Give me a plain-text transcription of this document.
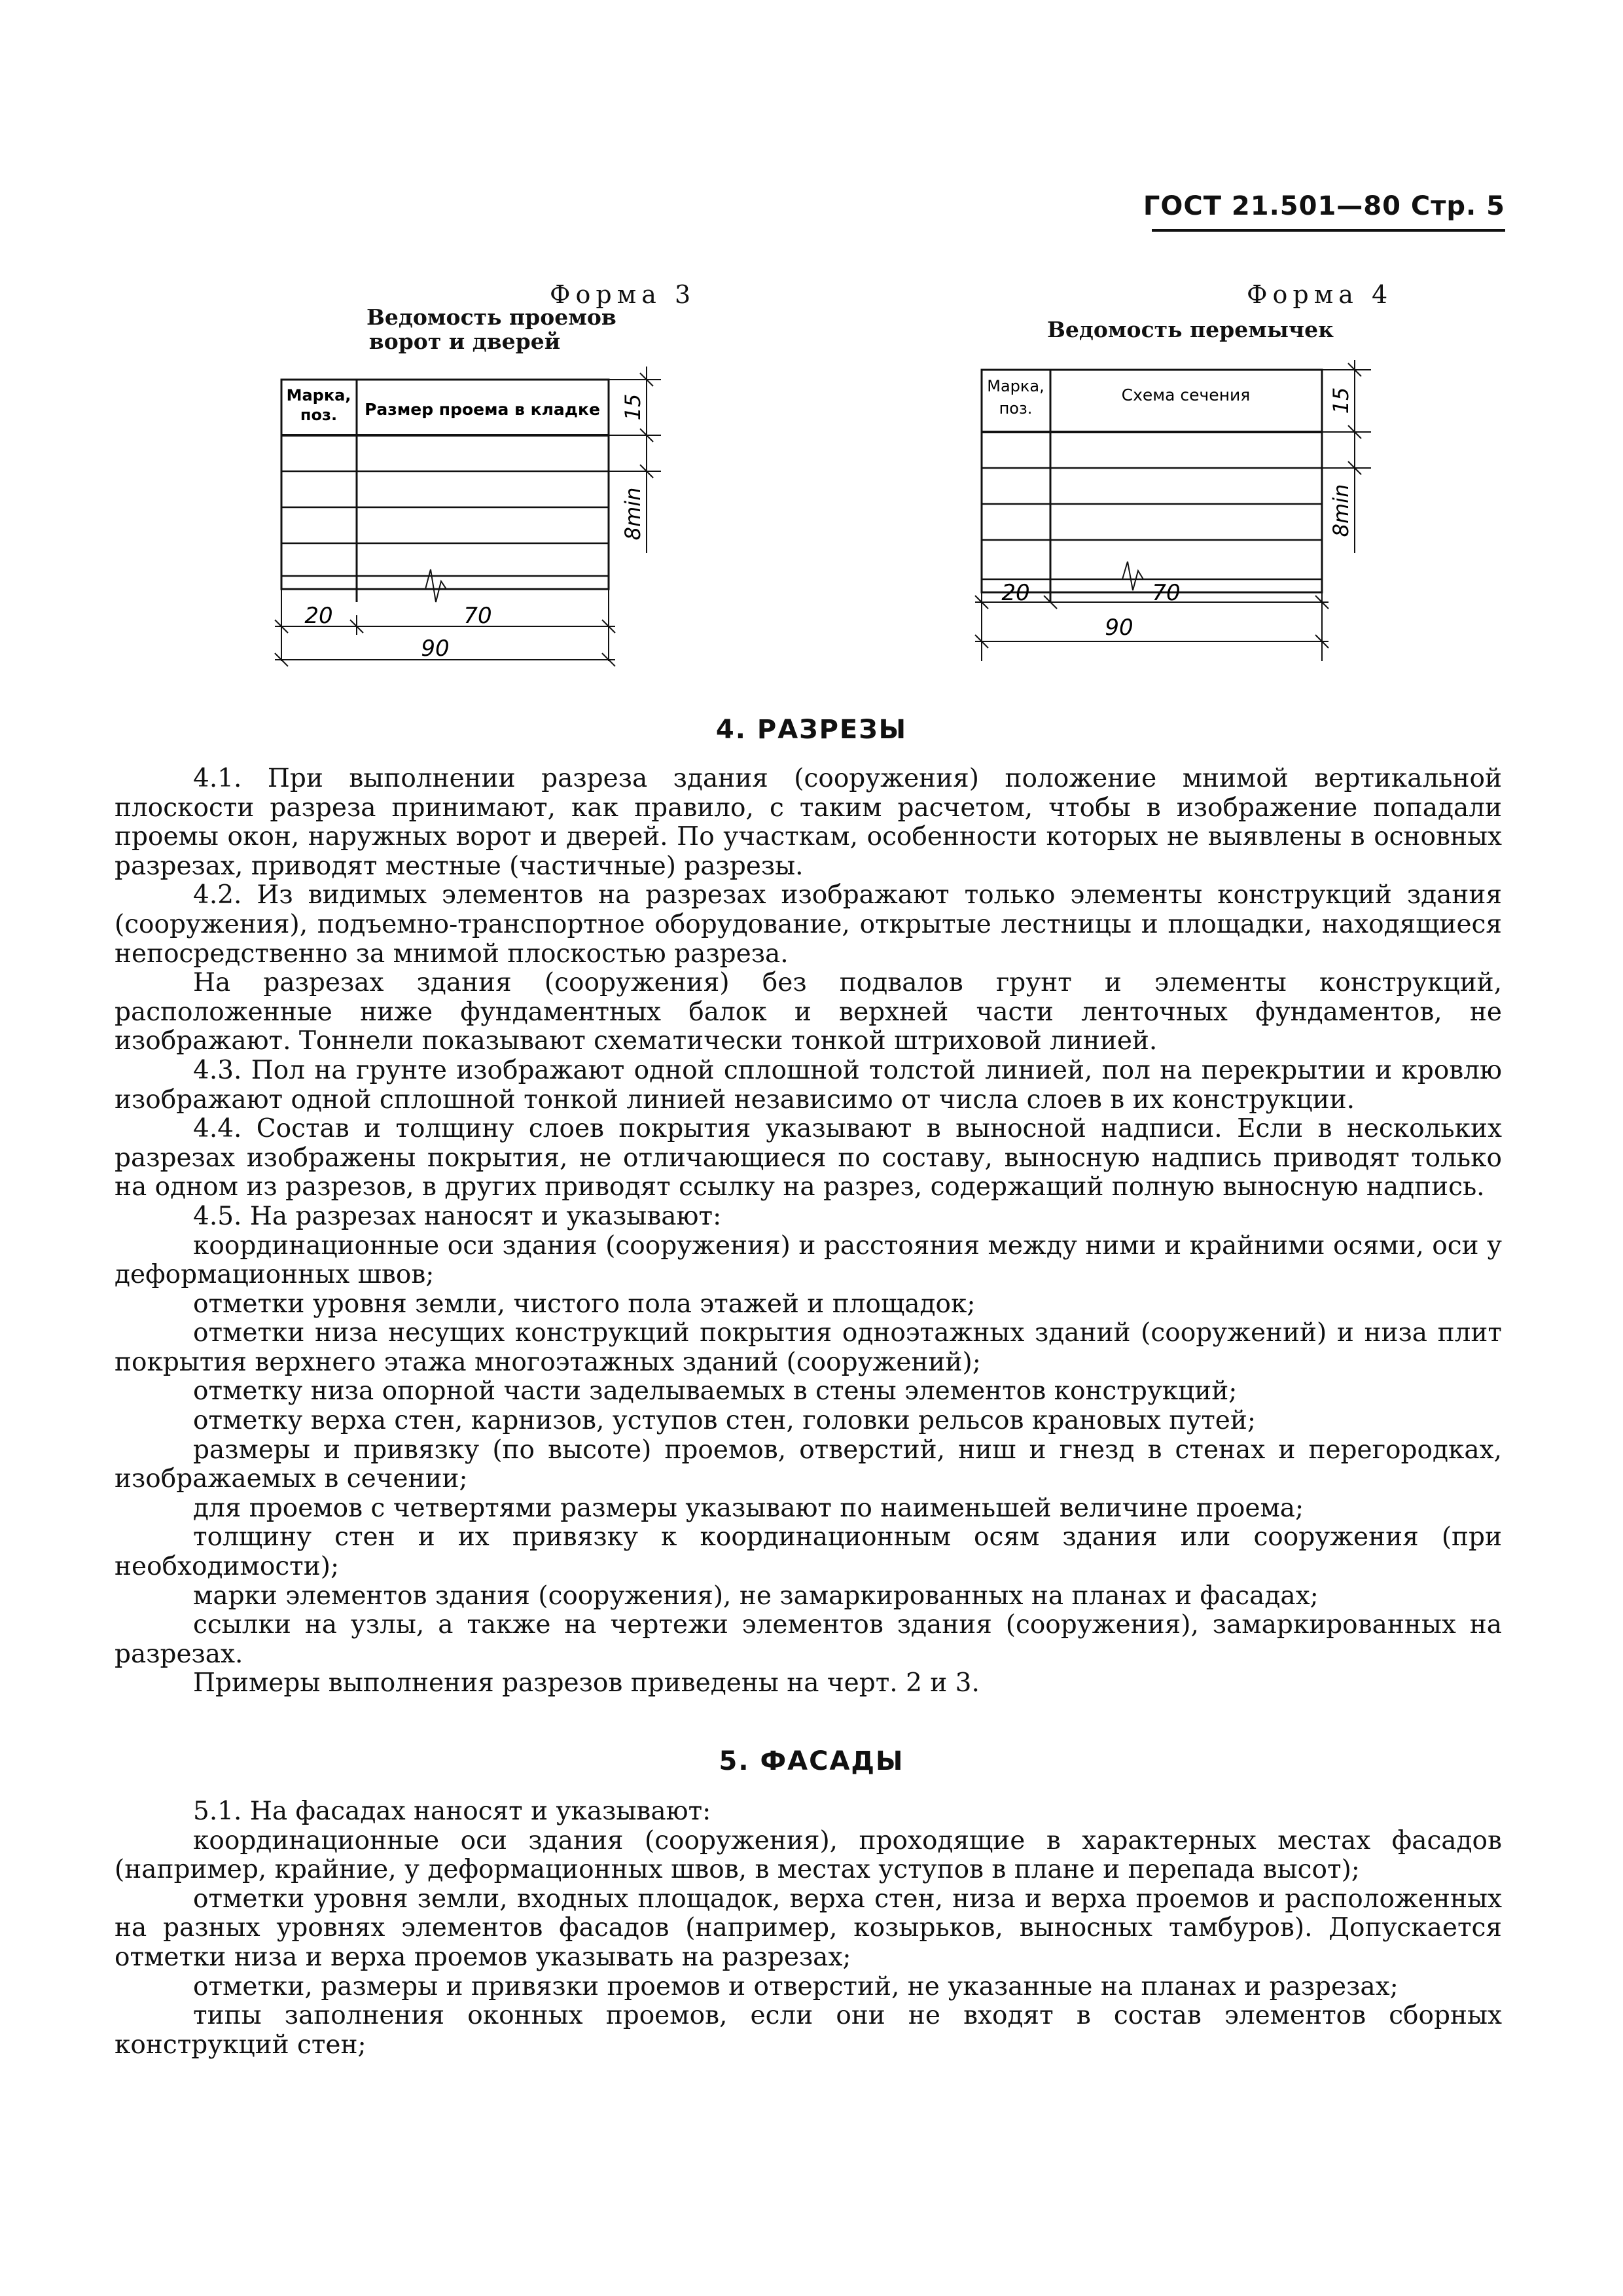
ГОСТ 21.501—80 Стр. 5
Форма 3
Ведомость проемов
ворот и дверей
Марка,
поз. Размер проема в кладке
20	70
90
15
8min
Форма 4
Ведомость перемычек
Марка,
поз.
Схема сечения
20	70
90
15
8min
4. РАЗРЕЗЫ

4.1. При выполнении разреза здания (сооружения) положение мнимой вертикальной плоскости разреза принимают, как правило, с таким расчетом, чтобы в изображение попадали проемы окон, наружных ворот и дверей. По участкам, особенности которых не выявлены в основных разрезах, приводят местные (частичные) разрезы.

4.2. Из видимых элементов на разрезах изображают только элементы конструкций здания (сооружения), подъемно-транспортное оборудование, открытые лестницы и площадки, находящиеся непосредственно за мнимой плоскостью разреза.

На разрезах здания (сооружения) без подвалов грунт и элементы конструкций, расположенные ниже фундаментных балок и верхней части ленточных фундаментов, не изображают. Тоннели показывают схематически тонкой штриховой линией.

4.3. Пол на грунте изображают одной сплошной толстой линией, пол на перекрытии и кровлю изображают одной сплошной тонкой линией независимо от числа слоев в их конструкции.

4.4. Состав и толщину слоев покрытия указывают в выносной надписи. Если в нескольких разрезах изображены покрытия, не отличающиеся по составу, выносную надпись приводят только на одном из разрезов, в других приводят ссылку на разрез, содержащий полную выносную надпись.

4.5. На разрезах наносят и указывают:

координационные оси здания (сооружения) и расстояния между ними и крайними осями, оси у деформационных швов;

отметки уровня земли, чистого пола этажей и площадок;

отметки низа несущих конструкций покрытия одноэтажных зданий (сооружений) и низа плит покрытия верхнего этажа многоэтажных зданий (сооружений);

отметку низа опорной части заделываемых в стены элементов конструкций;

отметку верха стен, карнизов, уступов стен, головки рельсов крановых путей;

размеры и привязку (по высоте) проемов, отверстий, ниш и гнезд в стенах и перегородках, изображаемых в сечении;

для проемов с четвертями размеры указывают по наименьшей величине проема;

толщину стен и их привязку к координационным осям здания или сооружения (при необходимости);

марки элементов здания (сооружения), не замаркированных на планах и фасадах;

ссылки на узлы, а также на чертежи элементов здания (сооружения), замаркированных на разрезах.

Примеры выполнения разрезов приведены на черт. 2 и 3.

5. ФАСАДЫ

5.1. На фасадах наносят и указывают:

координационные оси здания (сооружения), проходящие в характерных местах фасадов (например, крайние, у деформационных швов, в местах уступов в плане и перепада высот);

отметки уровня земли, входных площадок, верха стен, низа и верха проемов и расположенных на разных уровнях элементов фасадов (например, козырьков, выносных тамбуров). Допускается отметки низа и верха проемов указывать на разрезах;

отметки, размеры и привязки проемов и отверстий, не указанные на планах и разрезах;

типы заполнения оконных проемов, если они не входят в состав элементов сборных конструкций стен;
